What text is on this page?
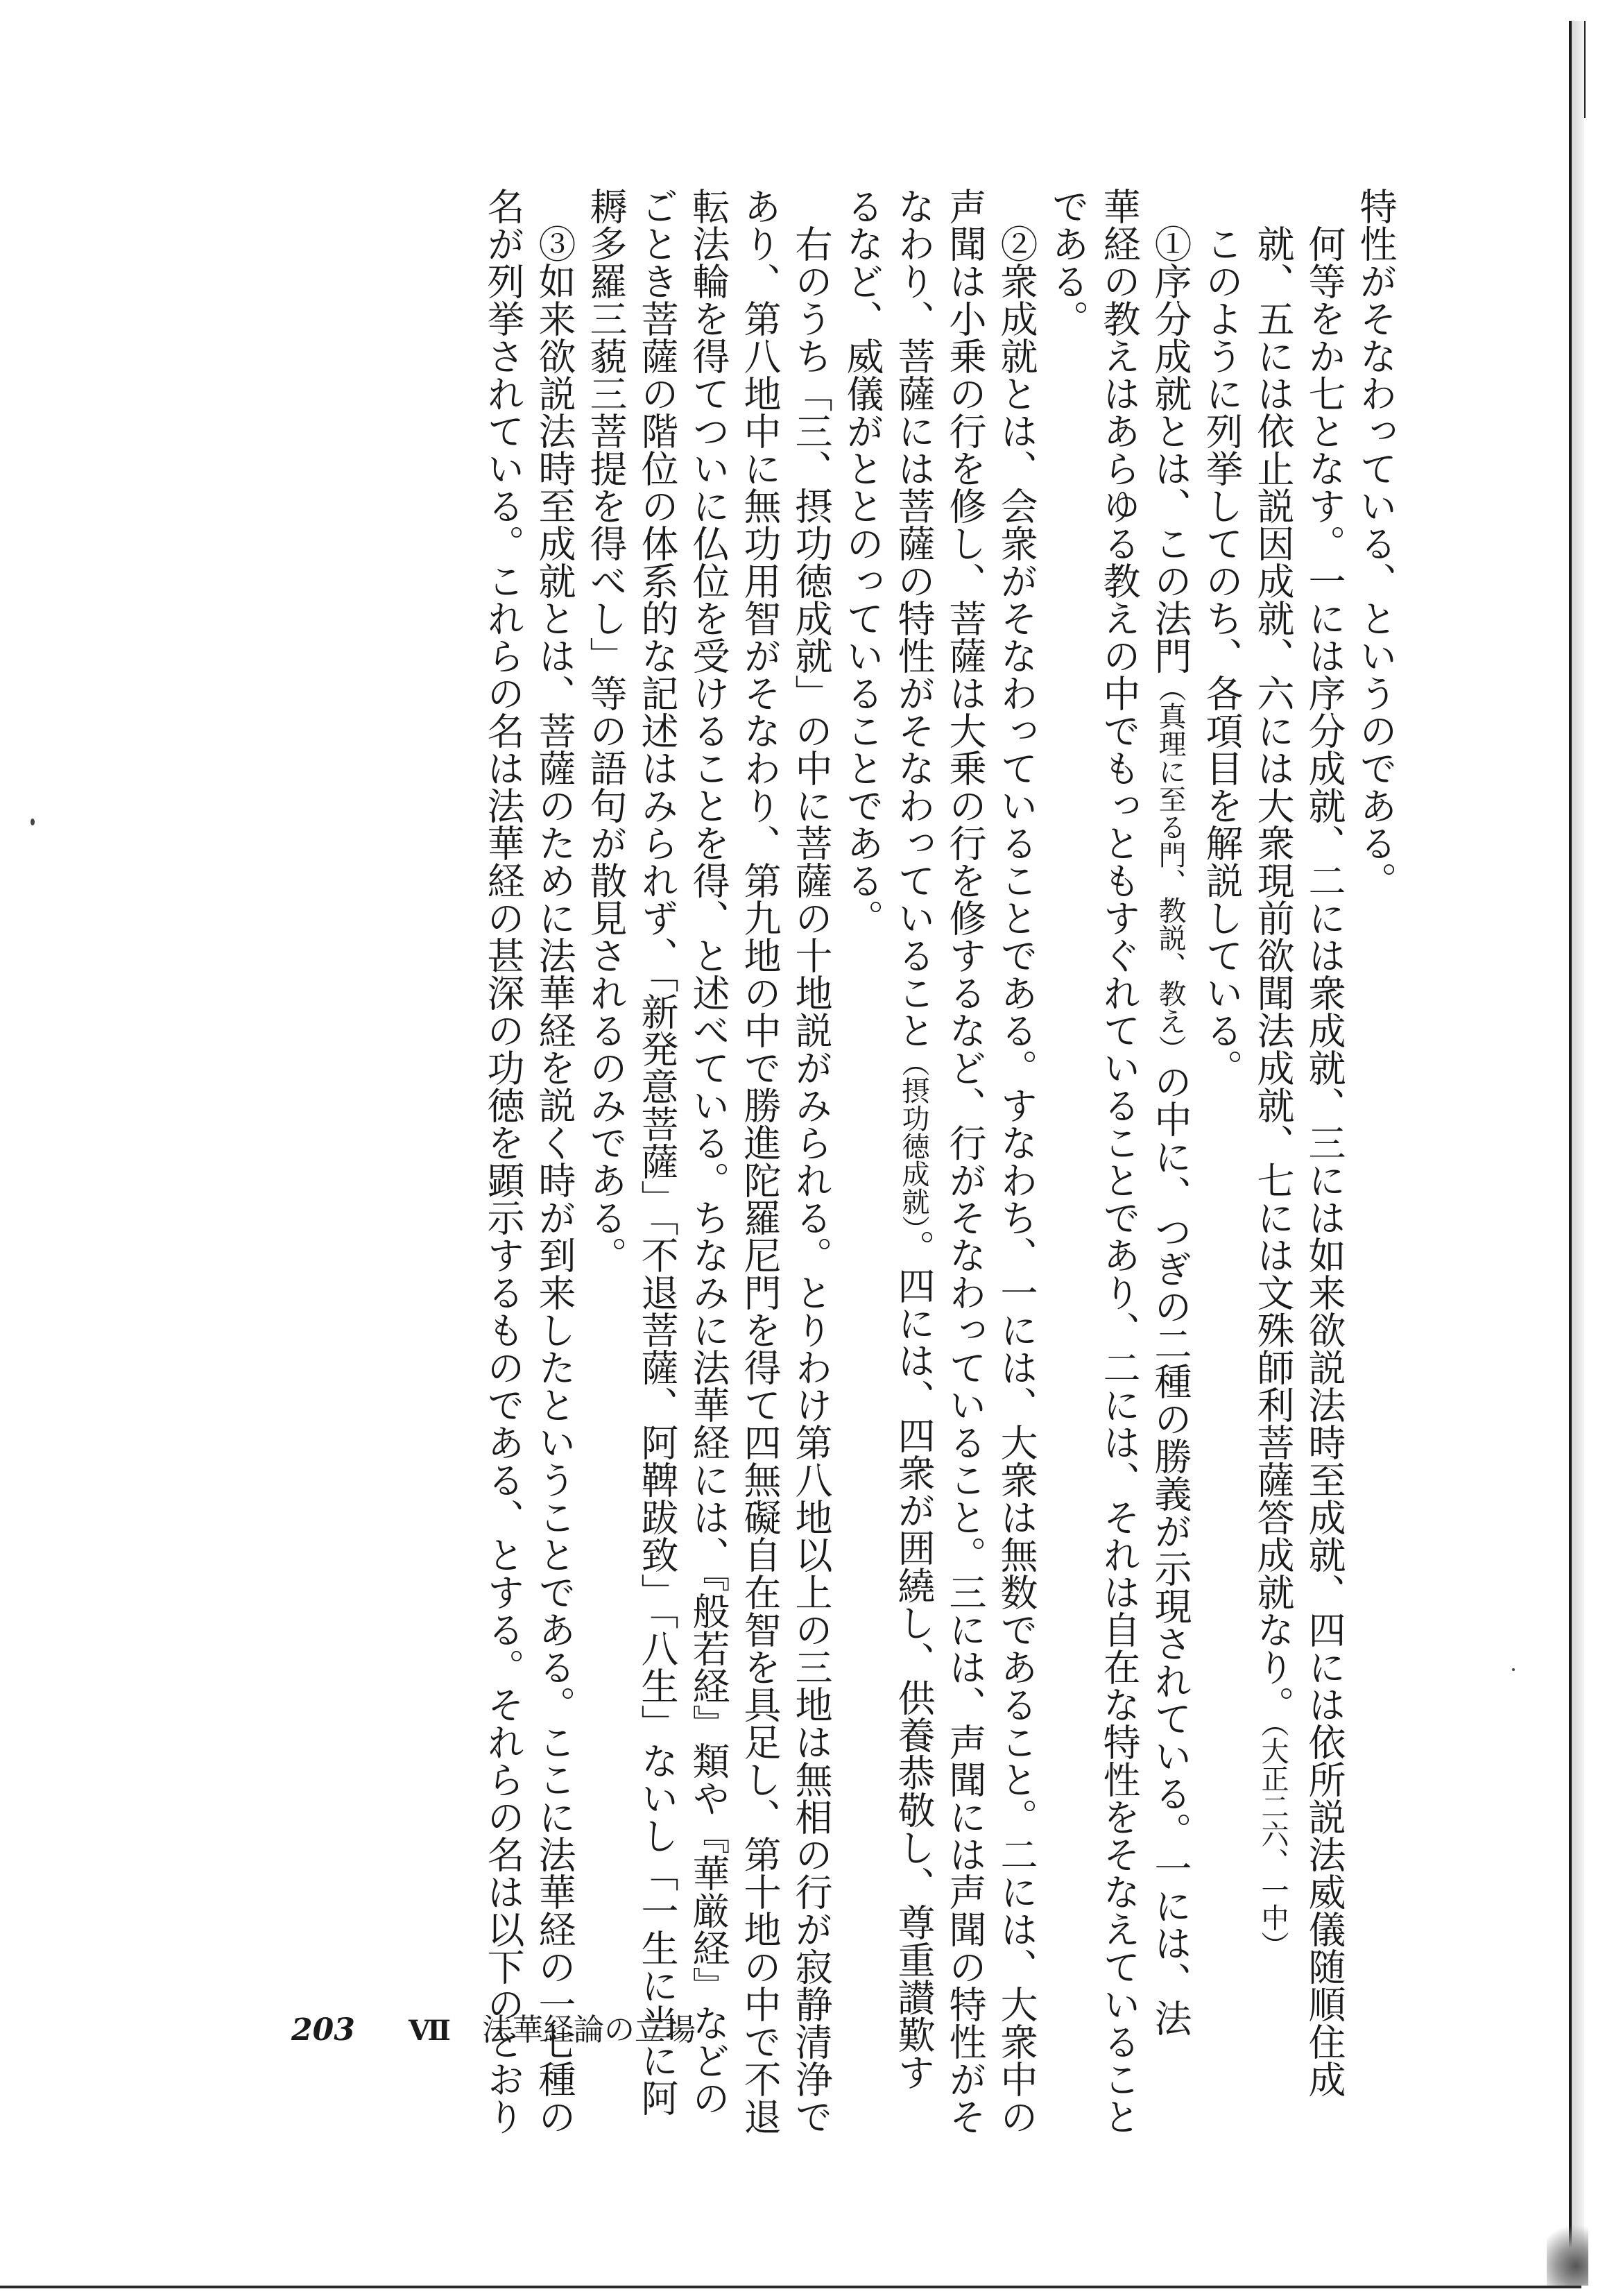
特性がそなわっている、というのである。

何等をか七となす。一には序分成就、二には衆成就、三には如来欲説法時至成就、四には依所説法威儀随順住成

就、五には依止説因成就、六には大衆現前欲聞法成就、七には文殊師利菩薩答成就なり。（大正二六、一中）

このように列挙してのち、各項目を解説している。

①序分成就とは、この法門（真理に至る門、教説、教え）の中に、つぎの二種の勝義が示現されている。一には、法

華経の教えはあらゆる教えの中でもっともすぐれていることであり、二には、それは自在な特性をそなえていること

である。

②衆成就とは、会衆がそなわっていることである。すなわち、一には、大衆は無数であること。二には、大衆中の

声聞は小乗の行を修し、菩薩は大乗の行を修するなど、行がそなわっていること。三には、声聞には声聞の特性がそ

なわり、菩薩には菩薩の特性がそなわっていること（摂功徳成就）。四には、四衆が囲繞し、供養恭敬し、尊重讃歎す

るなど、威儀がととのっていることである。

右のうち「三、摂功徳成就」の中に菩薩の十地説がみられる。とりわけ第八地以上の三地は無相の行が寂静清浄で

あり、第八地中に無功用智がそなわり、第九地の中で勝進陀羅尼門を得て四無礙自在智を具足し、第十地の中で不退

転法輪を得てついに仏位を受けることを得、と述べている。ちなみに法華経には、『般若経』類や『華厳経』などの

ごとき菩薩の階位の体系的な記述はみられず、「新発意菩薩」「不退菩薩、阿鞞跋致」「八生」ないし「一生に当に阿

耨多羅三藐三菩提を得べし」等の語句が散見されるのみである。

③如来欲説法時至成就とは、菩薩のために法華経を説く時が到来したということである。ここに法華経の一七種の

名が列挙されている。これらの名は法華経の甚深の功徳を顕示するものである、とする。それらの名は以下のとおり

203 Ⅶ 法華経論の立場
